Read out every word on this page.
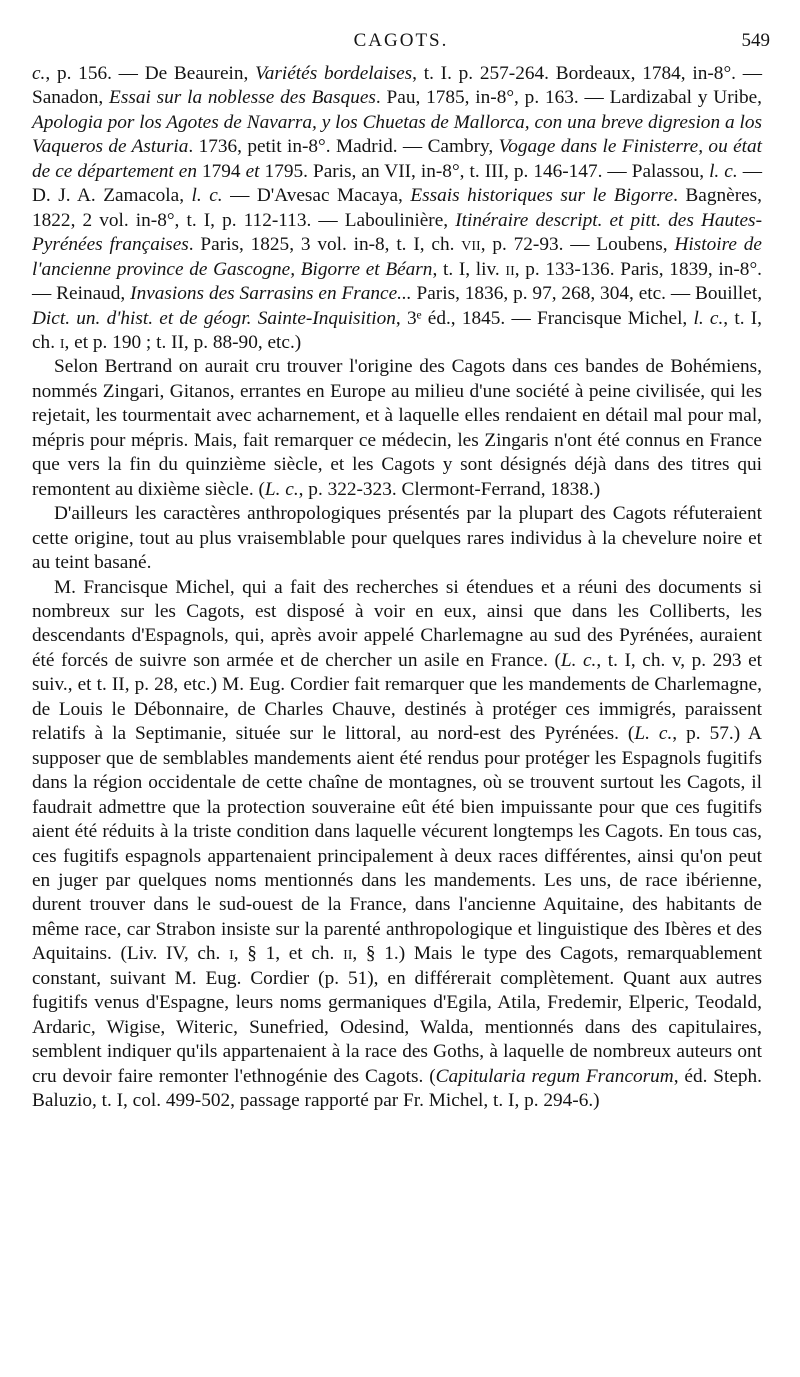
CAGOTS.	549

c., p. 156. — De Beaurein, Variétés bordelaises, t. I. p. 257-264. Bordeaux, 1784, in-8°. — Sanadon, Essai sur la noblesse des Basques. Pau, 1785, in-8°, p. 163. — Lardizabal y Uribe, Apologia por los Agotes de Navarra, y los Chuetas de Mallorca, con una breve digresion a los Vaqueros de Asturia. 1736, petit in-8°. Madrid. — Cambry, Vogage dans le Finisterre, ou état de ce département en 1794 et 1795. Paris, an VII, in-8°, t. III, p. 146-147. — Palassou, l. c. — D. J. A. Zamacola, l. c. — D'Avesac Macaya, Essais historiques sur le Bigorre. Bagnères, 1822, 2 vol. in-8°, t. I, p. 112-113. — Laboulinière, Itinéraire descript. et pitt. des Hautes-Pyrénées françaises. Paris, 1825, 3 vol. in-8, t. I, ch. vii, p. 72-93. — Loubens, Histoire de l'ancienne province de Gascogne, Bigorre et Béarn, t. I, liv. ii, p. 133-136. Paris, 1839, in-8°. — Reinaud, Invasions des Sarrasins en France... Paris, 1836, p. 97, 268, 304, etc. — Bouillet, Dict. un. d'hist. et de géogr. Sainte-Inquisition, 3ᵉ éd., 1845. — Francisque Michel, l. c., t. I, ch. i, et p. 190 ; t. II, p. 88-90, etc.)

Selon Bertrand on aurait cru trouver l'origine des Cagots dans ces bandes de Bohémiens, nommés Zingari, Gitanos, errantes en Europe au milieu d'une société à peine civilisée, qui les rejetait, les tourmentait avec acharnement, et à laquelle elles rendaient en détail mal pour mal, mépris pour mépris. Mais, fait remarquer ce médecin, les Zingaris n'ont été connus en France que vers la fin du quinzième siècle, et les Cagots y sont désignés déjà dans des titres qui remontent au dixième siècle. (L. c., p. 322-323. Clermont-Ferrand, 1838.)

D'ailleurs les caractères anthropologiques présentés par la plupart des Cagots réfuteraient cette origine, tout au plus vraisemblable pour quelques rares individus à la chevelure noire et au teint basané.

M. Francisque Michel, qui a fait des recherches si étendues et a réuni des documents si nombreux sur les Cagots, est disposé à voir en eux, ainsi que dans les Colliberts, les descendants d'Espagnols, qui, après avoir appelé Charlemagne au sud des Pyrénées, auraient été forcés de suivre son armée et de chercher un asile en France. (L. c., t. I, ch. v, p. 293 et suiv., et t. II, p. 28, etc.) M. Eug. Cordier fait remarquer que les mandements de Charlemagne, de Louis le Débonnaire, de Charles Chauve, destinés à protéger ces immigrés, paraissent relatifs à la Septimanie, située sur le littoral, au nord-est des Pyrénées. (L. c., p. 57.) A supposer que de semblables mandements aient été rendus pour protéger les Espagnols fugitifs dans la région occidentale de cette chaîne de montagnes, où se trouvent surtout les Cagots, il faudrait admettre que la protection souveraine eût été bien impuissante pour que ces fugitifs aient été réduits à la triste condition dans laquelle vécurent longtemps les Cagots. En tous cas, ces fugitifs espagnols appartenaient principalement à deux races différentes, ainsi qu'on peut en juger par quelques noms mentionnés dans les mandements. Les uns, de race ibérienne, durent trouver dans le sud-ouest de la France, dans l'ancienne Aquitaine, des habitants de même race, car Strabon insiste sur la parenté anthropologique et linguistique des Ibères et des Aquitains. (Liv. IV, ch. i, § 1, et ch. ii, § 1.) Mais le type des Cagots, remarquablement constant, suivant M. Eug. Cordier (p. 51), en différerait complètement. Quant aux autres fugitifs venus d'Espagne, leurs noms germaniques d'Egila, Atila, Fredemir, Elperic, Teodald, Ardaric, Wigise, Witeric, Sunefried, Odesind, Walda, mentionnés dans des capitulaires, semblent indiquer qu'ils appartenaient à la race des Goths, à laquelle de nombreux auteurs ont cru devoir faire remonter l'ethnogénie des Cagots. (Capitularia regum Francorum, éd. Steph. Baluzio, t. I, col. 499-502, passage rapporté par Fr. Michel, t. I, p. 294-6.)
